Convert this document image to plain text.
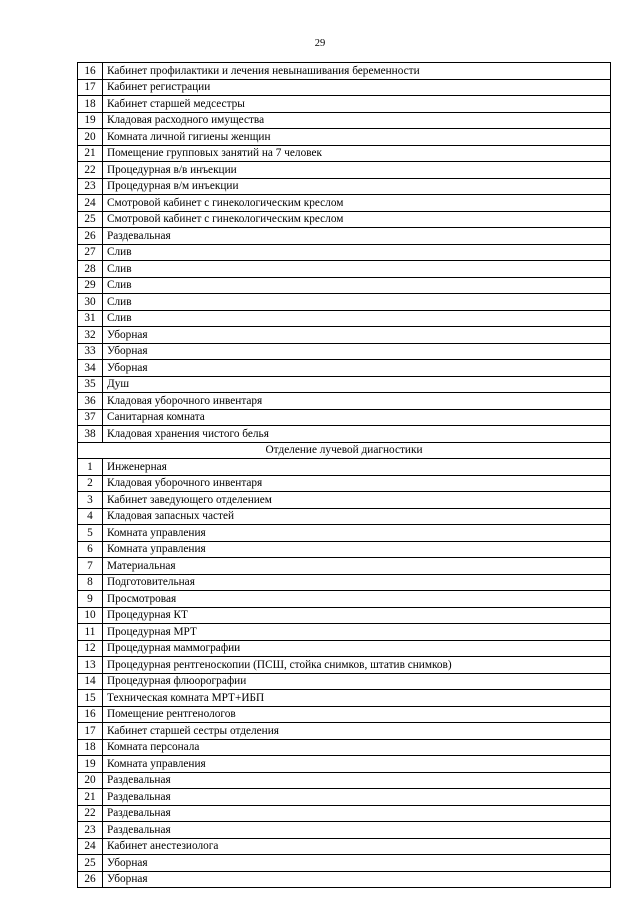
29
16	Кабинет профилактики и лечения невынашивания беременности
17	Кабинет регистрации
18	Кабинет старшей медсестры
19	Кладовая расходного имущества
20	Комната личной гигиены женщин
21	Помещение групповых занятий на 7 человек
22	Процедурная в/в инъекции
23	Процедурная в/м инъекции
24	Смотровой кабинет с гинекологическим креслом
25	Смотровой кабинет с гинекологическим креслом
26	Раздевальная
27	Слив
28	Слив
29	Слив
30	Слив
31	Слив
32	Уборная
33	Уборная
34	Уборная
35	Душ
36	Кладовая уборочного инвентаря
37	Санитарная комната
38	Кладовая хранения чистого белья
Отделение лучевой диагностики	
1	Инженерная
2	Кладовая уборочного инвентаря
3	Кабинет заведующего отделением
4	Кладовая запасных частей
5	Комната управления
6	Комната управления
7	Материальная
8	Подготовительная
9	Просмотровая
10	Процедурная КТ
11	Процедурная МРТ
12	Процедурная маммографии
13	Процедурная рентгеноскопии (ПСШ, стойка снимков, штатив снимков)
14	Процедурная флюорографии
15	Техническая комната МРТ+ИБП
16	Помещение рентгенологов
17	Кабинет старшей сестры отделения
18	Комната персонала
19	Комната управления
20	Раздевальная
21	Раздевальная
22	Раздевальная
23	Раздевальная
24	Кабинет анестезиолога
25	Уборная
26	Уборная
